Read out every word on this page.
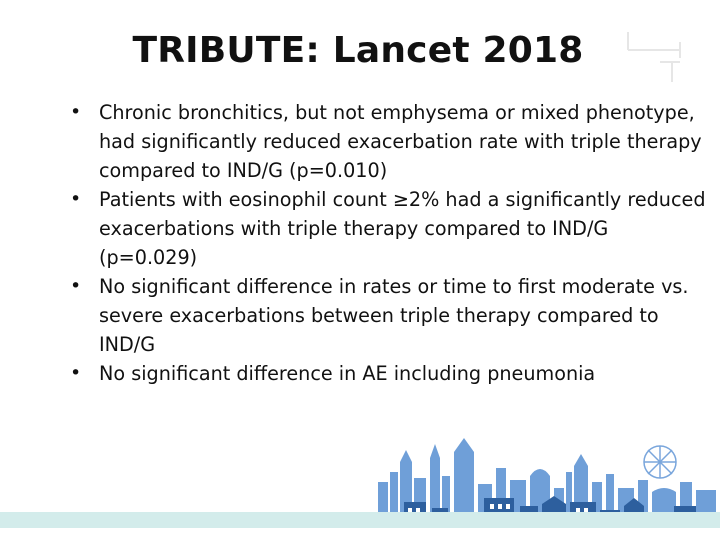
TRIBUTE: Lancet 2018
• Chronic bronchitics, but not emphysema or mixed phenotype, had significantly reduced exacerbation rate with triple therapy compared to IND/G (p=0.010)
• Patients with eosinophil count ≥2% had a significantly reduced exacerbations with triple therapy compared to IND/G (p=0.029)
• No significant difference in rates or time to first moderate vs. severe exacerbations between triple therapy compared to IND/G
• No significant difference in AE including pneumonia
